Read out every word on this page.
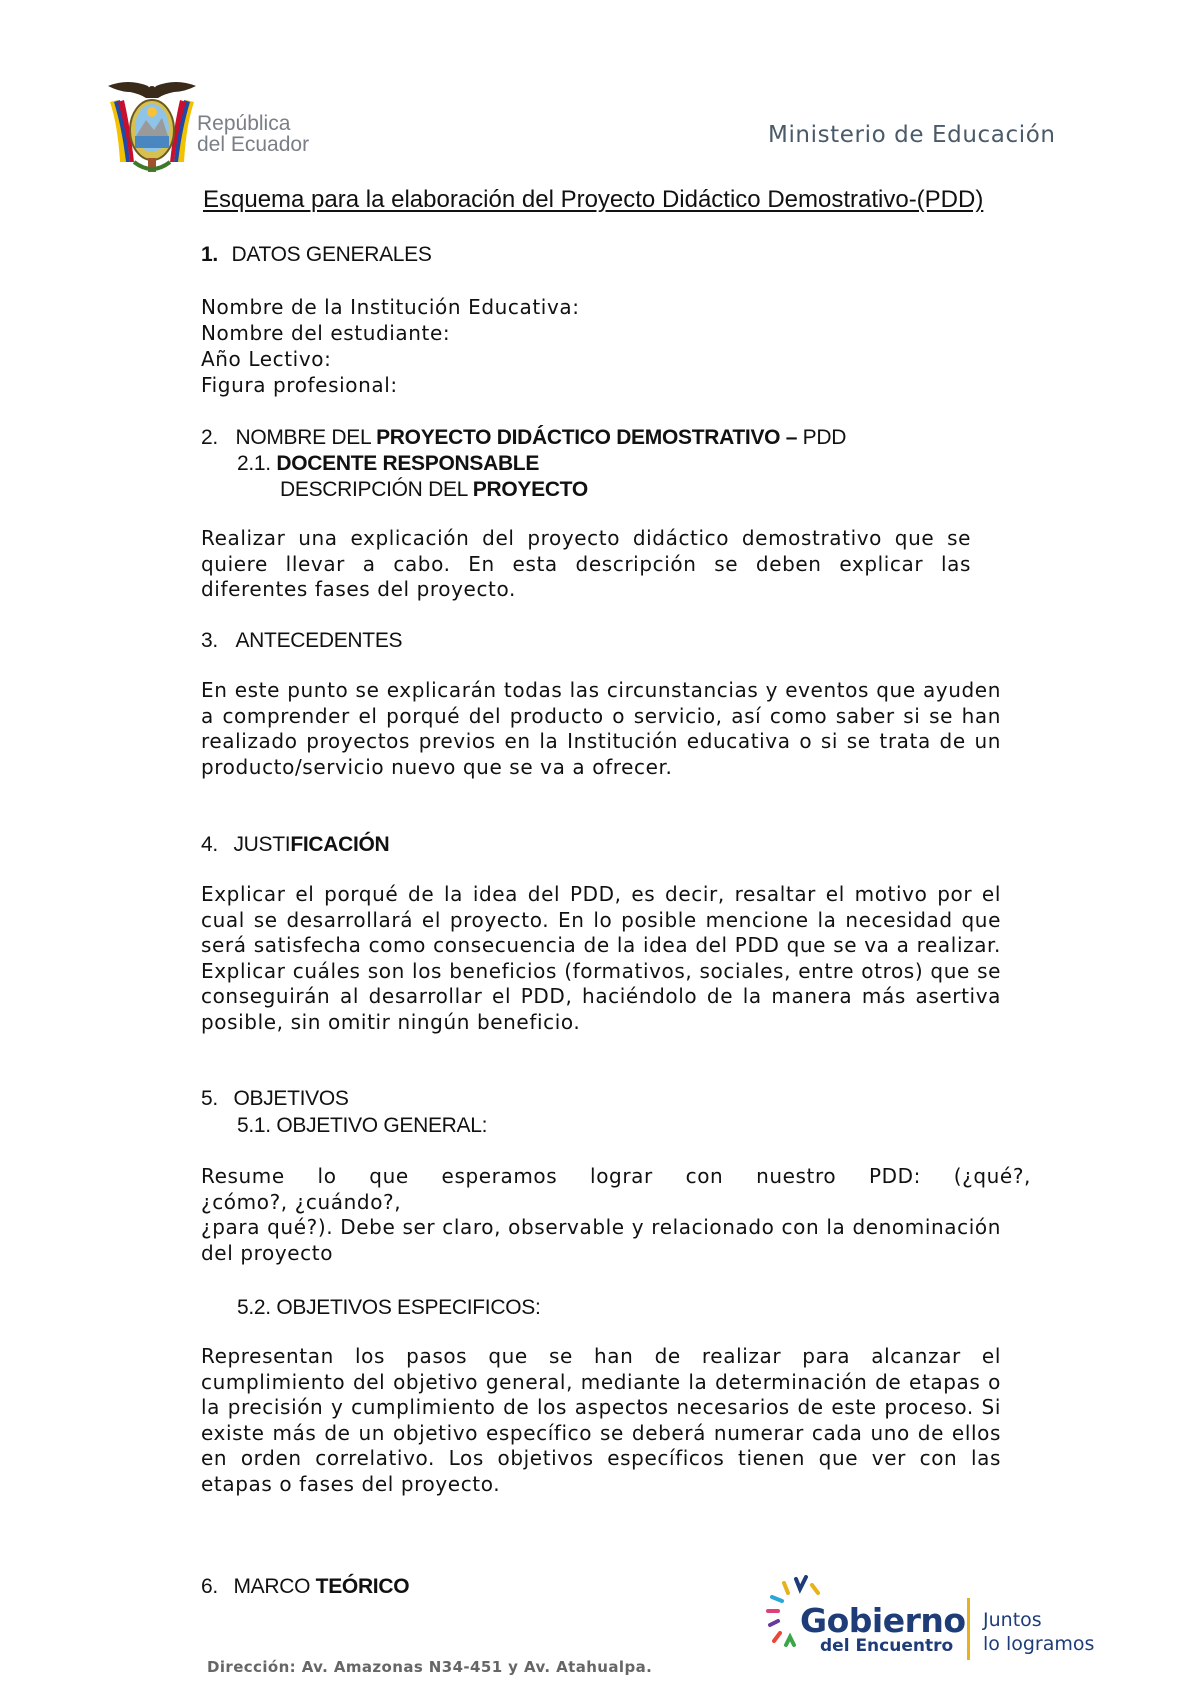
República
del Ecuador	Ministerio de Educación
Esquema para la elaboración del Proyecto Didáctico Demostrativo-(PDD)
1. DATOS GENERALES
Nombre de la Institución Educativa:
Nombre del estudiante:
Año Lectivo:
Figura profesional:
2. NOMBRE DEL PROYECTO DIDÁCTICO DEMOSTRATIVO – PDD
2.1. DOCENTE RESPONSABLE
DESCRIPCIÓN DEL PROYECTO
Realizar una explicación del proyecto didáctico demostrativo que se quiere llevar a cabo. En esta descripción se deben explicar las diferentes fases del proyecto.
3. ANTECEDENTES
En este punto se explicarán todas las circunstancias y eventos que ayuden a comprender el porqué del producto o servicio, así como saber si se han realizado proyectos previos en la Institución educativa o si se trata de un producto/servicio nuevo que se va a ofrecer.
4. JUSTIFICACIÓN
Explicar el porqué de la idea del PDD, es decir, resaltar el motivo por el cual se desarrollará el proyecto. En lo posible mencione la necesidad que será satisfecha como consecuencia de la idea del PDD que se va a realizar. Explicar cuáles son los beneficios (formativos, sociales, entre otros) que se conseguirán al desarrollar el PDD, haciéndolo de la manera más asertiva posible, sin omitir ningún beneficio.
5. OBJETIVOS
5.1. OBJETIVO GENERAL:
Resume lo que esperamos lograr con nuestro PDD: (¿qué?,
¿cómo?, ¿cuándo?,
¿para qué?). Debe ser claro, observable y relacionado con la denominación del proyecto
5.2. OBJETIVOS ESPECIFICOS:
Representan los pasos que se han de realizar para alcanzar el cumplimiento del objetivo general, mediante la determinación de etapas o la precisión y cumplimiento de los aspectos necesarios de este proceso. Si existe más de un objetivo específico se deberá numerar cada uno de ellos en orden correlativo. Los objetivos específicos tienen que ver con las etapas o fases del proyecto.
6. MARCO TEÓRICO
Dirección: Av. Amazonas N34-451 y Av. Atahualpa.
Gobierno
del Encuentro
Juntos
lo logramos
